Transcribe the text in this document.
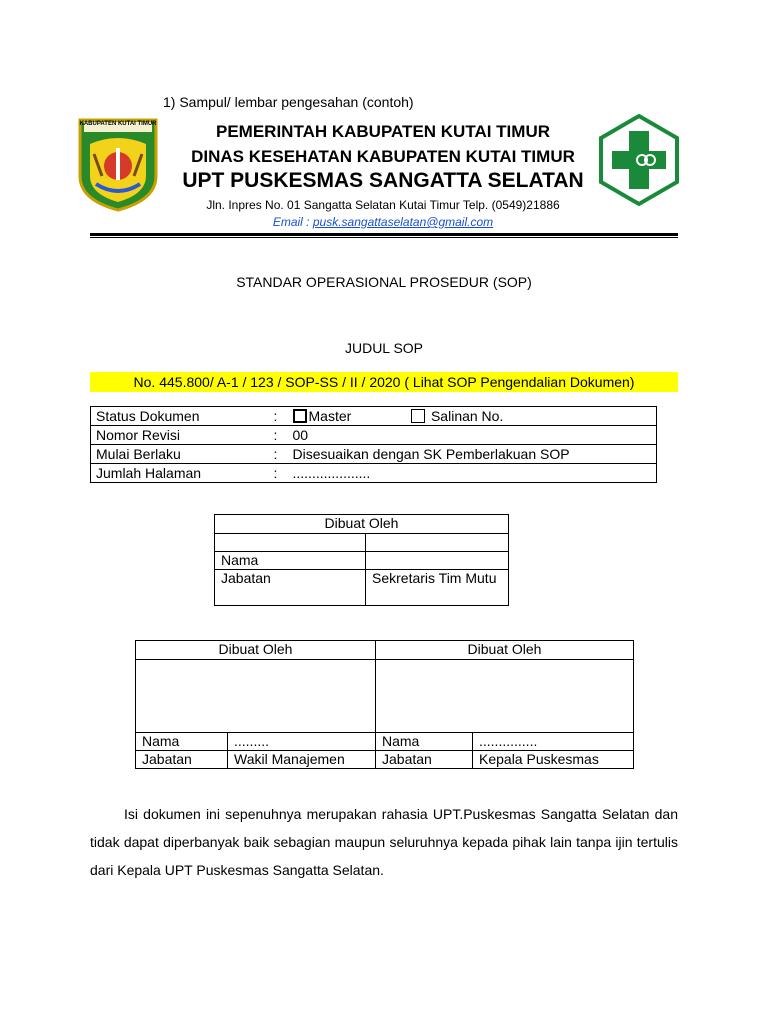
1) Sampul/ lembar pengesahan (contoh)
KABUPATEN KUTAI TIMUR	PEMERINTAH KABUPATEN KUTAI TIMUR
DINAS KESEHATAN KABUPATEN KUTAI TIMUR
UPT PUSKESMAS SANGATTA SELATAN
Jln. Inpres No. 01 Sangatta Selatan Kutai Timur Telp. (0549)21886
Email : pusk.sangattaselatan@gmail.com
STANDAR OPERASIONAL PROSEDUR (SOP)
JUDUL SOP
No. 445.800/ A-1 / 123 / SOP-SS / II / 2020 ( Lihat SOP Pengendalian Dokumen)
Status Dokumen	:	Master Salinan No.
Nomor Revisi	:	00
Mulai Berlaku	:	Disesuaikan dengan SK Pemberlakuan SOP
Jumlah Halaman	:	....................
Dibuat Oleh	

Nama	
Jabatan	Sekretaris Tim Mutu
Dibuat Oleh		Dibuat Oleh	

Nama	.........	Nama	...............
Jabatan	Wakil Manajemen	Jabatan	Kepala Puskesmas
Isi dokumen ini sepenuhnya merupakan rahasia UPT.Puskesmas Sangatta Selatan dan tidak dapat diperbanyak baik sebagian maupun seluruhnya kepada pihak lain tanpa ijin tertulis dari Kepala UPT Puskesmas Sangatta Selatan.
